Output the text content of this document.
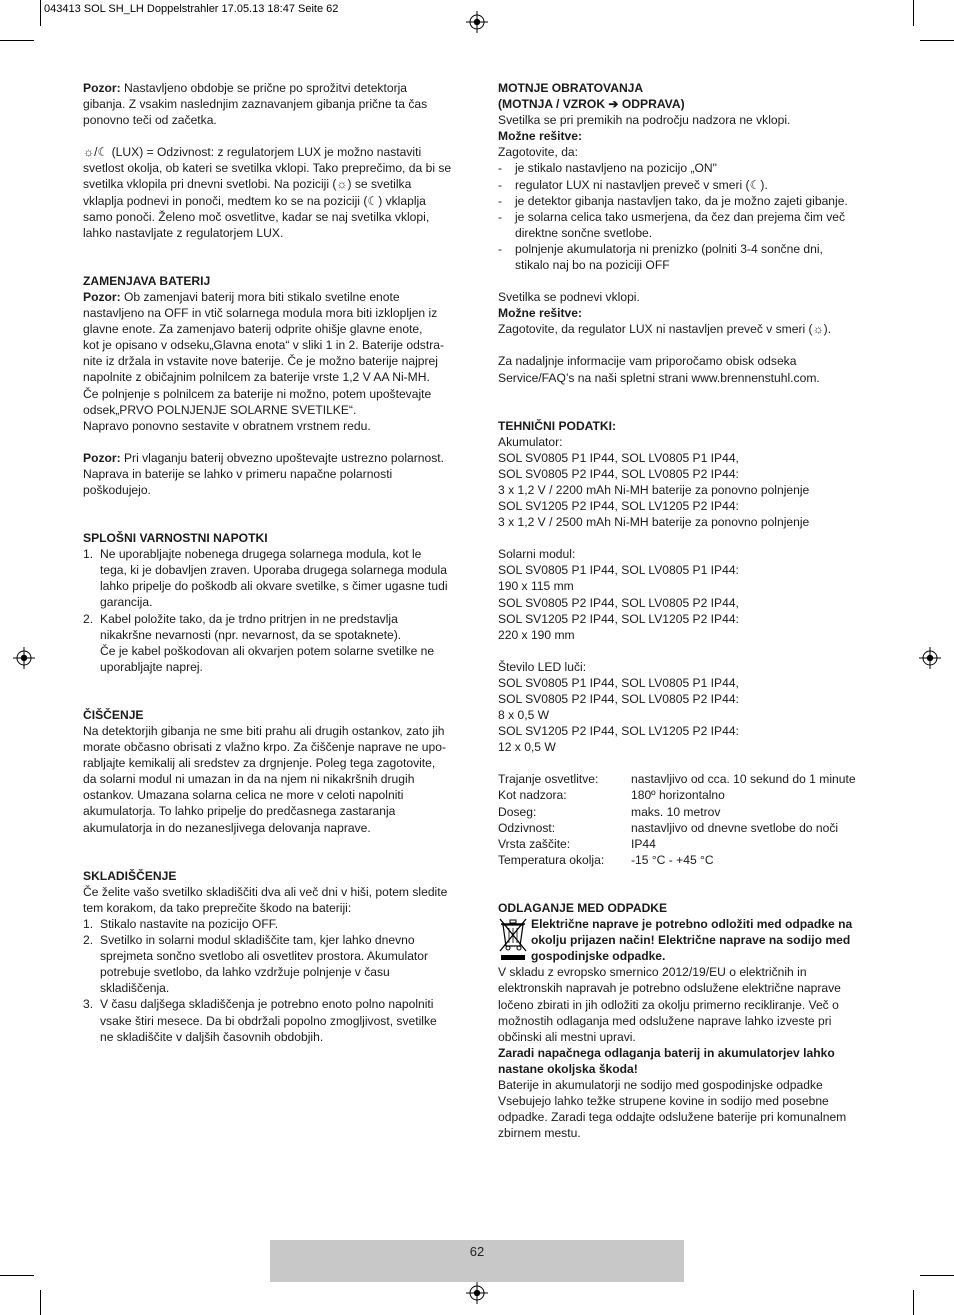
043413 SOL SH_LH Doppelstrahler 17.05.13 18:47 Seite 62

Pozor: Nastavljeno obdobje se prične po sprožitvi detektorja

gibanja. Z vsakim naslednjim zaznavanjem gibanja prične ta čas

ponovno teči od začetka.

☼/☾ (LUX) = Odzivnost: z regulatorjem LUX je možno nastaviti

svetlost okolja, ob kateri se svetilka vklopi. Tako preprečimo, da bi se

svetilka vklopila pri dnevni svetlobi. Na poziciji (☼) se svetilka

vklaplja podnevi in ponoči, medtem ko se na poziciji (☾) vklaplja

samo ponoči. Želeno moč osvetlitve, kadar se naj svetilka vklopi,

lahko nastavljate z regulatorjem LUX.

ZAMENJAVA BATERIJ

Pozor: Ob zamenjavi baterij mora biti stikalo svetilne enote

nastavljeno na OFF in vtič solarnega modula mora biti izklopljen iz

glavne enote. Za zamenjavo baterij odprite ohišje glavne enote,

kot je opisano v odseku„Glavna enota“ v sliki 1 in 2. Baterije odstra-

nite iz držala in vstavite nove baterije. Če je možno baterije najprej

napolnite z običajnim polnilcem za baterije vrste 1,2 V AA Ni-MH.

Če polnjenje s polnilcem za baterije ni možno, potem upoštevajte

odsek„PRVO POLNJENJE SOLARNE SVETILKE“.

Napravo ponovno sestavite v obratnem vrstnem redu.

Pozor: Pri vlaganju baterij obvezno upoštevajte ustrezno polarnost.

Naprava in baterije se lahko v primeru napačne polarnosti

poškodujejo.

SPLOŠNI VARNOSTNI NAPOTKI

1. Ne uporabljajte nobenega drugega solarnega modula, kot le

tega, ki je dobavljen zraven. Uporaba drugega solarnega modula

lahko pripelje do poškodb ali okvare svetilke, s čimer ugasne tudi

garancija.

2. Kabel položite tako, da je trdno pritrjen in ne predstavlja

nikakršne nevarnosti (npr. nevarnost, da se spotaknete).

Če je kabel poškodovan ali okvarjen potem solarne svetilke ne

uporabljajte naprej.

ČIŠČENJE

Na detektorjih gibanja ne sme biti prahu ali drugih ostankov, zato jih

morate občasno obrisati z vlažno krpo. Za čiščenje naprave ne upo-

rabljajte kemikalij ali sredstev za drgnjenje. Poleg tega zagotovite,

da solarni modul ni umazan in da na njem ni nikakršnih drugih

ostankov. Umazana solarna celica ne more v celoti napolniti

akumulatorja. To lahko pripelje do predčasnega zastaranja

akumulatorja in do nezanesljivega delovanja naprave.

SKLADIŠČENJE

Če želite vašo svetilko skladiščiti dva ali več dni v hiši, potem sledite

tem korakom, da tako preprečite škodo na bateriji:

1. Stikalo nastavite na pozicijo OFF.

2. Svetilko in solarni modul skladiščite tam, kjer lahko dnevno

sprejmeta sončno svetlobo ali osvetlitev prostora. Akumulator

potrebuje svetlobo, da lahko vzdržuje polnjenje v času

skladiščenja.

3. V času daljšega skladiščenja je potrebno enoto polno napolniti

vsake štiri mesece. Da bi obdržali popolno zmogljivost, svetilke

ne skladiščite v daljših časovnih obdobjih.

MOTNJE OBRATOVANJA

(MOTNJA / VZROK ➔ ODPRAVA)

Svetilka se pri premikih na področju nadzora ne vklopi.

Možne rešitve:

Zagotovite, da:

-	je stikalo nastavljeno na pozicijo „ON"

-	regulator LUX ni nastavljen preveč v smeri (☾).

-	je detektor gibanja nastavljen tako, da je možno zajeti gibanje.

-	je solarna celica tako usmerjena, da čez dan prejema čim več

direktne sončne svetlobe.

-	polnjenje akumulatorja ni prenizko (polniti 3-4 sončne dni,

stikalo naj bo na poziciji OFF

Svetilka se podnevi vklopi.

Možne rešitve:

Zagotovite, da regulator LUX ni nastavljen preveč v smeri (☼).

Za nadaljnje informacije vam priporočamo obisk odseka

Service/FAQ’s na naši spletni strani www.brennenstuhl.com.

TEHNIČNI PODATKI:

Akumulator:

SOL SV0805 P1 IP44, SOL LV0805 P1 IP44,

SOL SV0805 P2 IP44, SOL LV0805 P2 IP44:

3 x 1,2 V / 2200 mAh Ni-MH baterije za ponovno polnjenje

SOL SV1205 P2 IP44, SOL LV1205 P2 IP44:

3 x 1,2 V / 2500 mAh Ni-MH baterije za ponovno polnjenje

Solarni modul:

SOL SV0805 P1 IP44, SOL LV0805 P1 IP44:

190 x 115 mm

SOL SV0805 P2 IP44, SOL LV0805 P2 IP44,

SOL SV1205 P2 IP44, SOL LV1205 P2 IP44:

220 x 190 mm

Število LED luči:

SOL SV0805 P1 IP44, SOL LV0805 P1 IP44,

SOL SV0805 P2 IP44, SOL LV0805 P2 IP44:

8 x 0,5 W

SOL SV1205 P2 IP44, SOL LV1205 P2 IP44:

12 x 0,5 W

Trajanje osvetlitve:	nastavljivo od cca. 10 sekund do 1 minute
Kot nadzora:	180º horizontalno
Doseg:	maks. 10 metrov
Odzivnost:	nastavljivo od dnevne svetlobe do noči
Vrsta zaščite:	IP44
Temperatura okolja:	-15 °C - +45 °C

ODLAGANJE MED ODPADKE

Električne naprave je potrebno odložiti med odpadke na

okolju prijazen način! Električne naprave na sodijo med

gospodinjske odpadke.

V skladu z evropsko smernico 2012/19/EU o električnih in

elektronskih napravah je potrebno odslužene električne naprave

ločeno zbirati in jih odložiti za okolju primerno recikliranje. Več o

možnostih odlaganja med odslužene naprave lahko izveste pri

občinski ali mestni upravi.

Zaradi napačnega odlaganja baterij in akumulatorjev lahko

nastane okoljska škoda!

Baterije in akumulatorji ne sodijo med gospodinjske odpadke

Vsebujejo lahko težke strupene kovine in sodijo med posebne

odpadke. Zaradi tega oddajte odslužene baterije pri komunalnem

zbirnem mestu.

62
